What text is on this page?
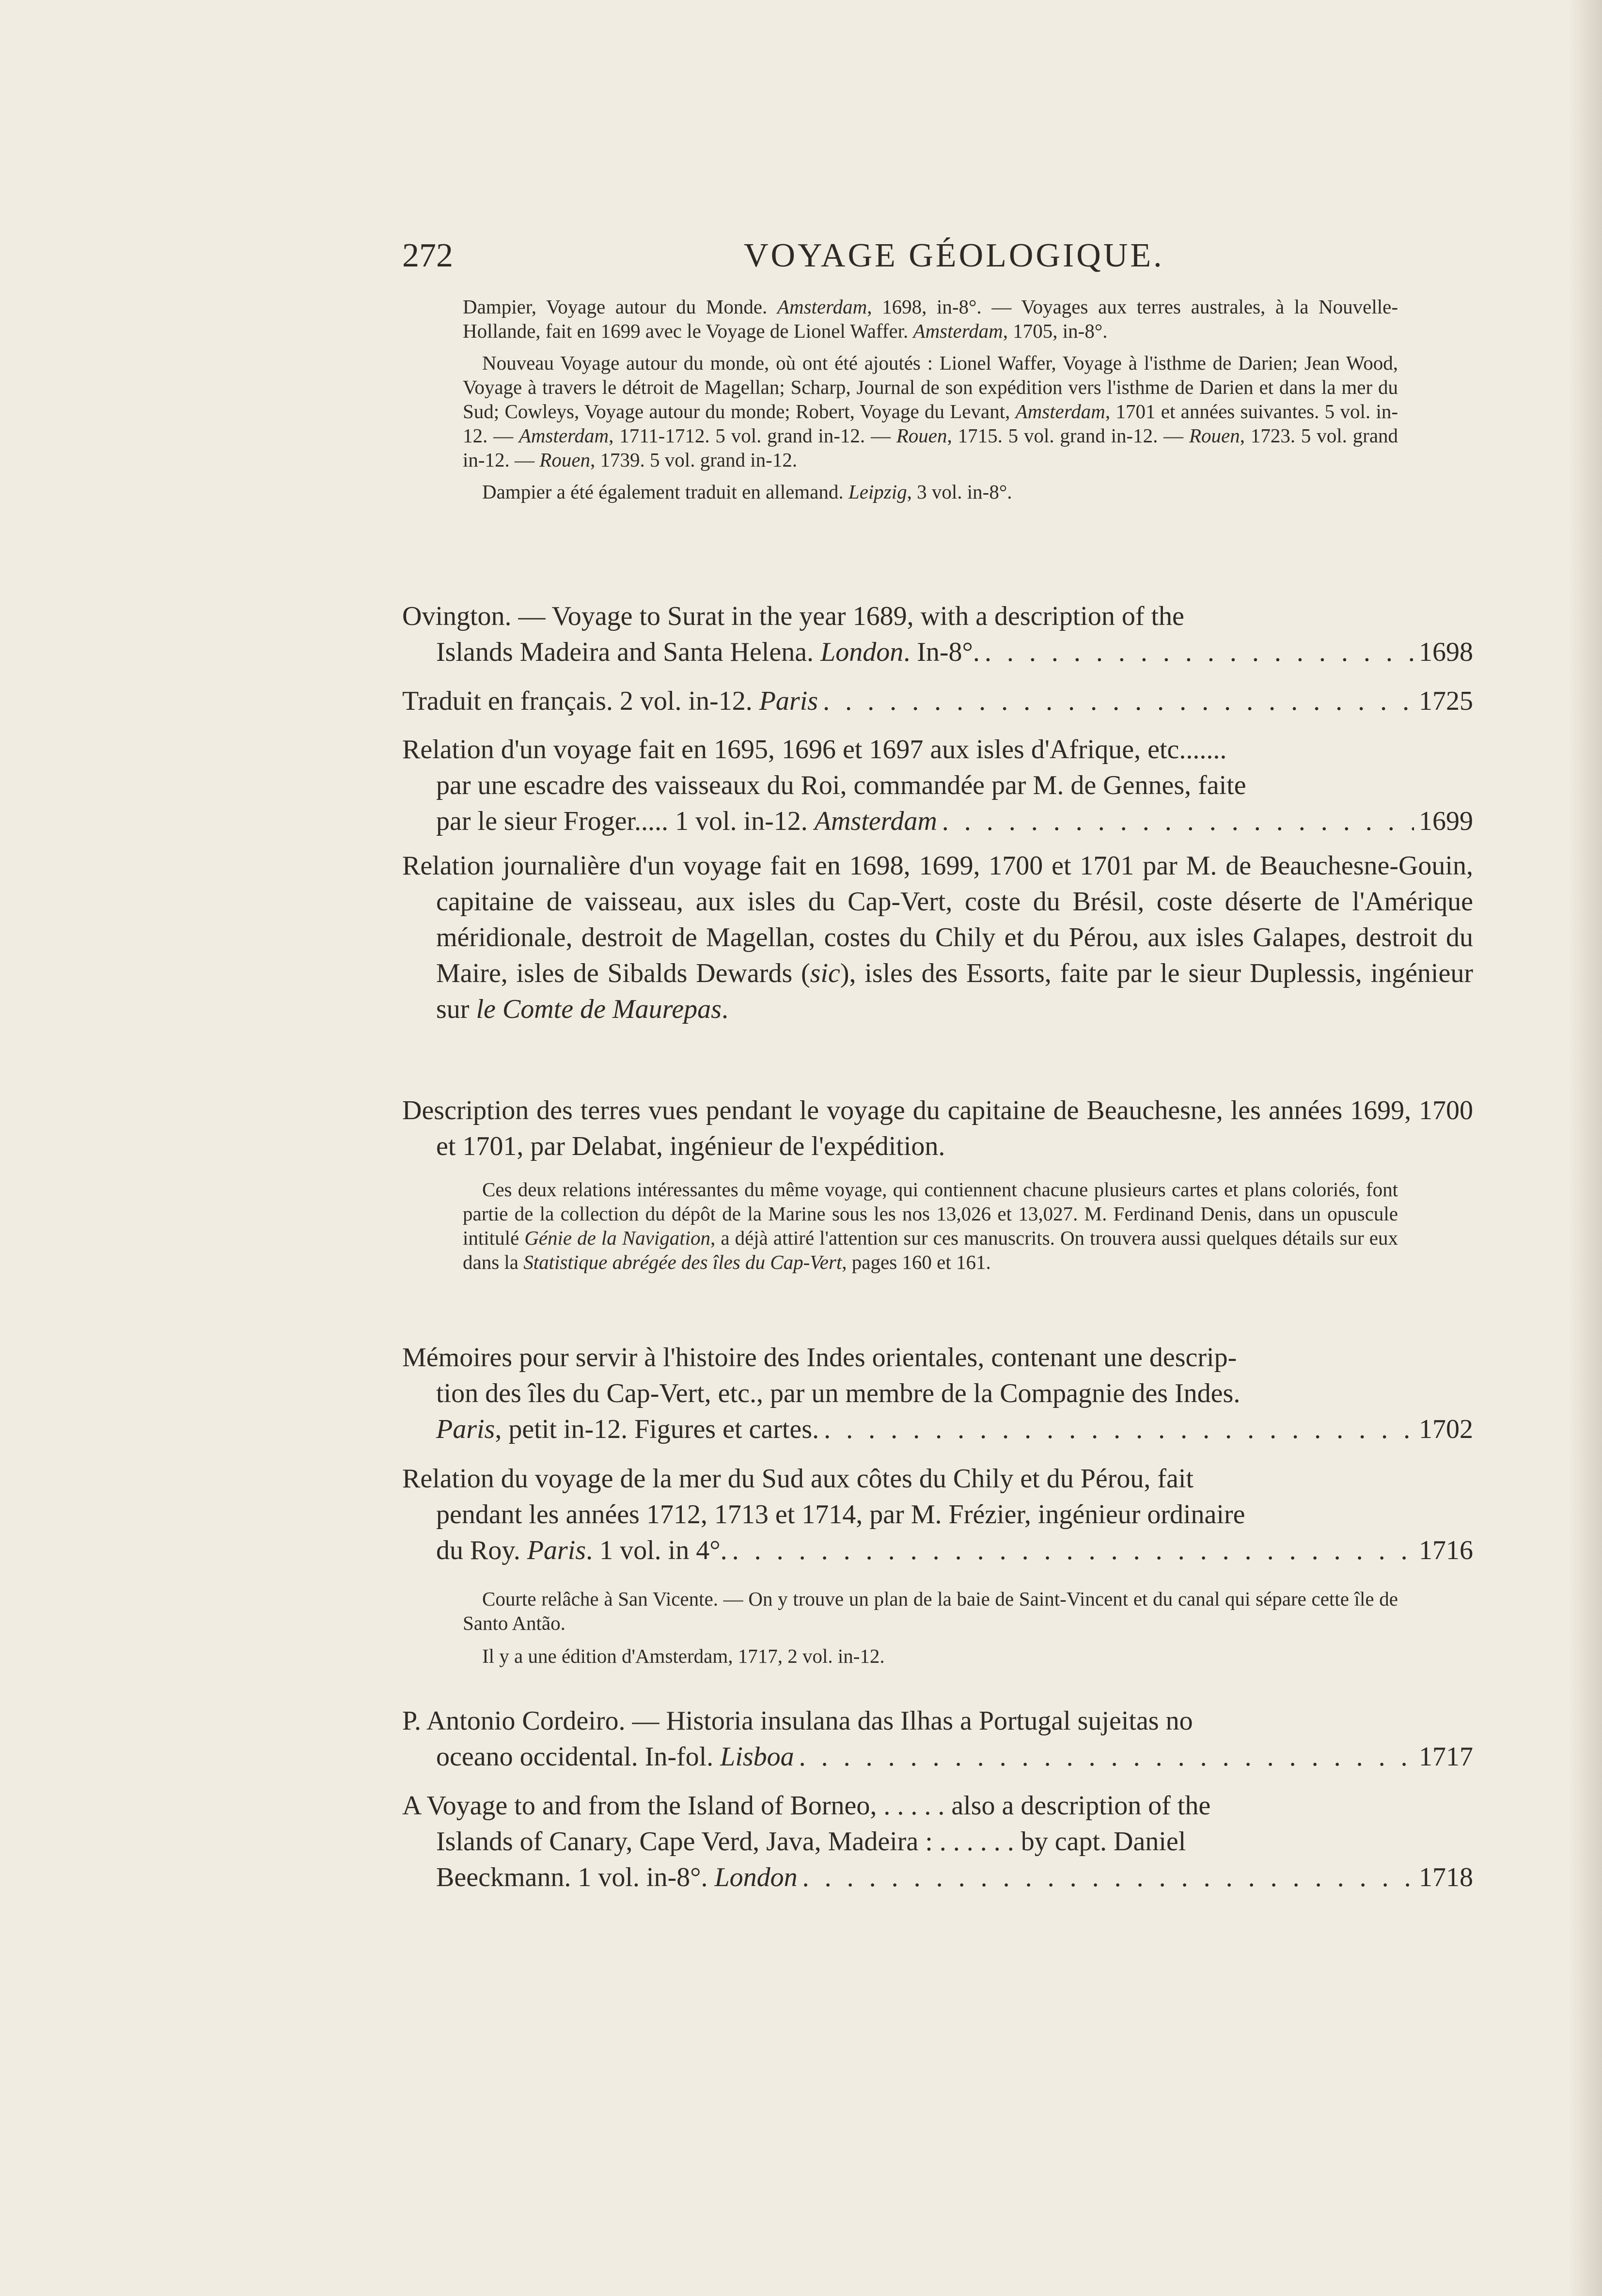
272	VOYAGE GÉOLOGIQUE.

Dampier, Voyage autour du Monde. Amsterdam, 1698, in-8°. — Voyages aux terres australes, à la Nouvelle-Hollande, fait en 1699 avec le Voyage de Lionel Waffer. Amsterdam, 1705, in-8°.

Nouveau Voyage autour du monde, où ont été ajoutés : Lionel Waffer, Voyage à l'isthme de Darien; Jean Wood, Voyage à travers le détroit de Magellan; Scharp, Journal de son expédition vers l'isthme de Darien et dans la mer du Sud; Cowleys, Voyage autour du monde; Robert, Voyage du Levant, Amsterdam, 1701 et années suivantes. 5 vol. in-12. — Amsterdam, 1711-1712. 5 vol. grand in-12. — Rouen, 1715. 5 vol. grand in-12. — Rouen, 1723. 5 vol. grand in-12. — Rouen, 1739. 5 vol. grand in-12.

Dampier a été également traduit en allemand. Leipzig, 3 vol. in-8°.

Ovington. — Voyage to Surat in the year 1689, with a description of the

Islands Madeira and Santa Helena. London. In-8°. . . .	1698
Traduit en français. 2 vol. in-12. Paris . . .	1725

Relation d'un voyage fait en 1695, 1696 et 1697 aux isles d'Afrique, etc.......

par une escadre des vaisseaux du Roi, commandée par M. de Gennes, faite

par le sieur Froger..... 1 vol. in-12. Amsterdam . . .	1699

Relation journalière d'un voyage fait en 1698, 1699, 1700 et 1701 par M. de Beauchesne-Gouin, capitaine de vaisseau, aux isles du Cap-Vert, coste du Brésil, coste déserte de l'Amérique méridionale, destroit de Magellan, costes du Chily et du Pérou, aux isles Galapes, destroit du Maire, isles de Sibalds Dewards (sic), isles des Essorts, faite par le sieur Duplessis, ingénieur sur le Comte de Maurepas.

Description des terres vues pendant le voyage du capitaine de Beauchesne, les années 1699, 1700 et 1701, par Delabat, ingénieur de l'expédition.

Ces deux relations intéressantes du même voyage, qui contiennent chacune plusieurs cartes et plans coloriés, font partie de la collection du dépôt de la Marine sous les nos 13,026 et 13,027. M. Ferdinand Denis, dans un opuscule intitulé Génie de la Navigation, a déjà attiré l'attention sur ces manuscrits. On trouvera aussi quelques détails sur eux dans la Statistique abrégée des îles du Cap-Vert, pages 160 et 161.

Mémoires pour servir à l'histoire des Indes orientales, contenant une descrip-

tion des îles du Cap-Vert, etc., par un membre de la Compagnie des Indes.

Paris, petit in-12. Figures et cartes. . . .	1702

Relation du voyage de la mer du Sud aux côtes du Chily et du Pérou, fait

pendant les années 1712, 1713 et 1714, par M. Frézier, ingénieur ordinaire

du Roy. Paris. 1 vol. in 4°. . . .	1716

Courte relâche à San Vicente. — On y trouve un plan de la baie de Saint-Vincent et du canal qui sépare cette île de Santo Antão.

Il y a une édition d'Amsterdam, 1717, 2 vol. in-12.

P. Antonio Cordeiro. — Historia insulana das Ilhas a Portugal sujeitas no

oceano occidental. In-fol. Lisboa . . .	1717

A Voyage to and from the Island of Borneo, . . . . . also a description of the

Islands of Canary, Cape Verd, Java, Madeira : . . . . . . by capt. Daniel

Beeckmann. 1 vol. in-8°. London . . .	1718
